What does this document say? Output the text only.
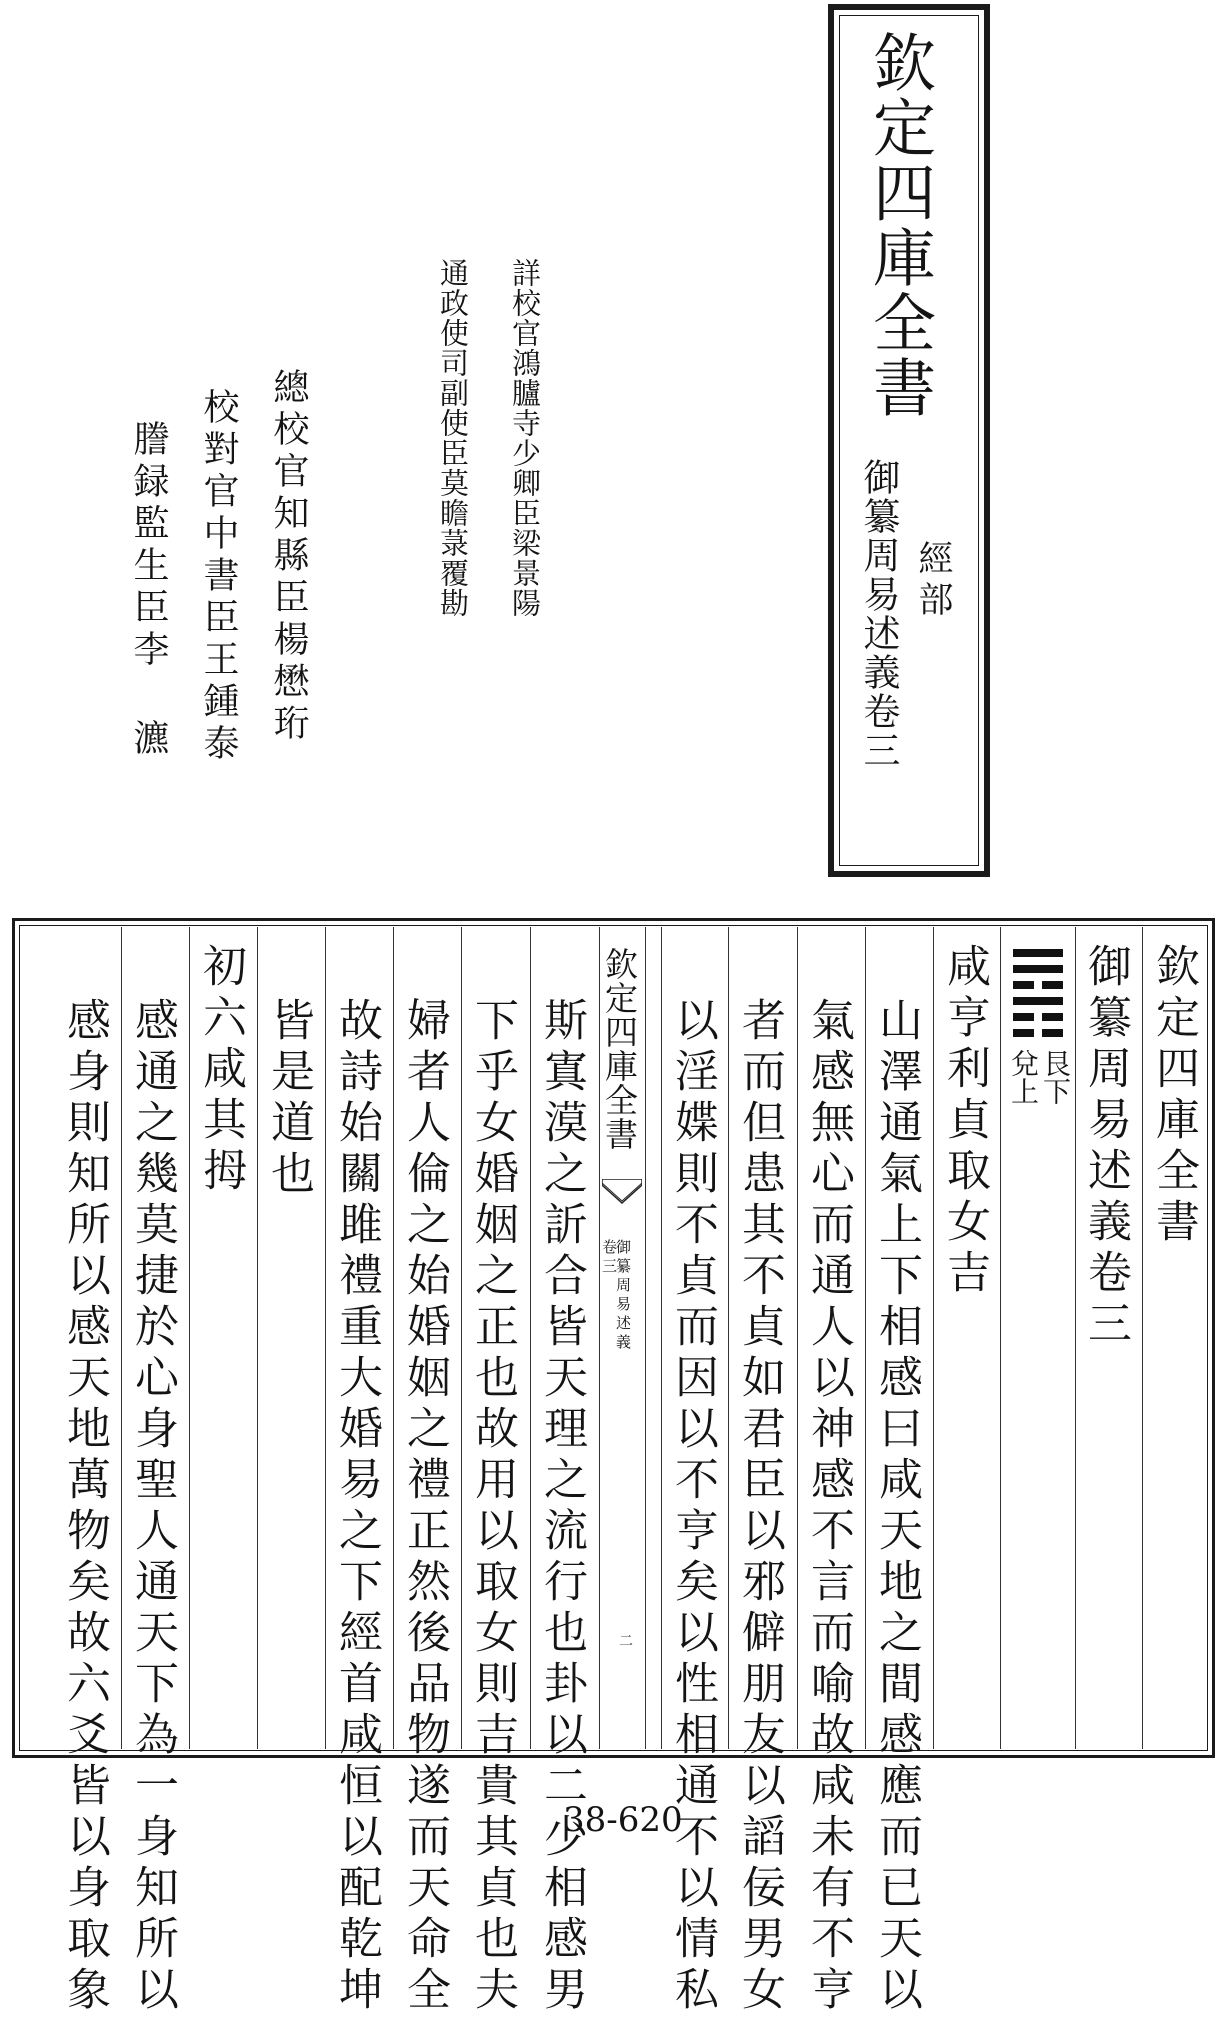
欽定四庫全書
御纂周易述義卷三 經部
詳校官鴻臚寺少卿臣梁景陽
通政使司副使臣莫瞻菉覆勘
總校官知縣臣楊懋珩
校對官中書臣王鍾泰
謄録監生臣李 瀌
欽定四庫全書
御纂周易述義卷三
艮下
兌上
咸亨利貞取女吉
山澤通氣上下相感曰咸天地之間感應而已天以
氣感無心而通人以神感不言而喻故咸未有不亨
者而但患其不貞如君臣以邪僻朋友以謟佞男女
以淫媟則不貞而因以不亨矣以性相通不以情私
欽定四庫全書
御纂周易述義
卷三
二
斯寘漠之訢合皆天理之流行也卦以二少相感男
下乎女婚姻之正也故用以取女則吉貴其貞也夫
婦者人倫之始婚姻之禮正然後品物遂而天命全
故詩始關雎禮重大婚易之下經首咸恒以配乾坤
皆是道也
初六咸其拇
感通之幾莫捷於心身聖人通天下為一身知所以
感身則知所以感天地萬物矣故六爻皆以身取象	38-620
